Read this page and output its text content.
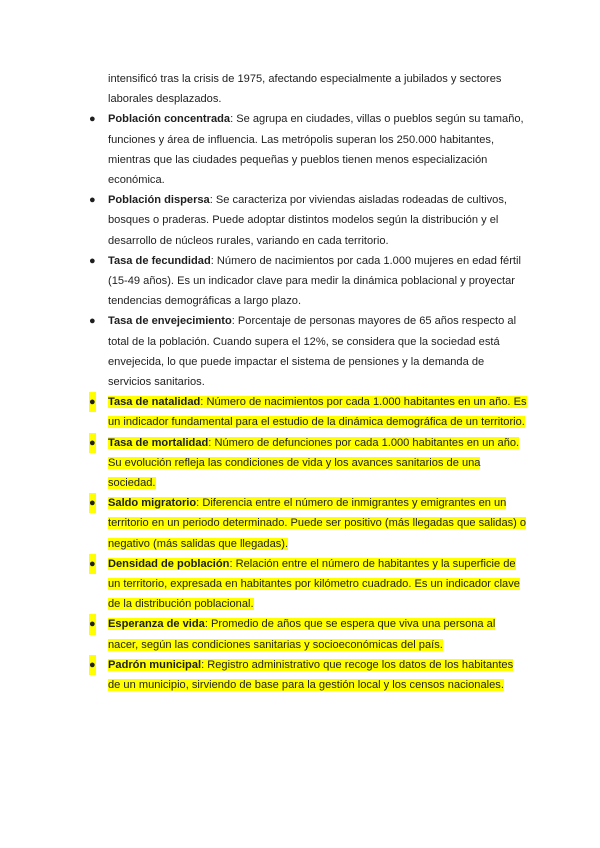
intensificó tras la crisis de 1975, afectando especialmente a jubilados y sectores laborales desplazados.

● Población concentrada: Se agrupa en ciudades, villas o pueblos según su tamaño, funciones y área de influencia. Las metrópolis superan los 250.000 habitantes, mientras que las ciudades pequeñas y pueblos tienen menos especialización económica.
● Población dispersa: Se caracteriza por viviendas aisladas rodeadas de cultivos, bosques o praderas. Puede adoptar distintos modelos según la distribución y el desarrollo de núcleos rurales, variando en cada territorio.
● Tasa de fecundidad: Número de nacimientos por cada 1.000 mujeres en edad fértil (15-49 años). Es un indicador clave para medir la dinámica poblacional y proyectar tendencias demográficas a largo plazo.
● Tasa de envejecimiento: Porcentaje de personas mayores de 65 años respecto al total de la población. Cuando supera el 12%, se considera que la sociedad está envejecida, lo que puede impactar el sistema de pensiones y la demanda de servicios sanitarios.
● Tasa de natalidad: Número de nacimientos por cada 1.000 habitantes en un año. Es un indicador fundamental para el estudio de la dinámica demográfica de un territorio.
● Tasa de mortalidad: Número de defunciones por cada 1.000 habitantes en un año. Su evolución refleja las condiciones de vida y los avances sanitarios de una sociedad.
● Saldo migratorio: Diferencia entre el número de inmigrantes y emigrantes en un territorio en un periodo determinado. Puede ser positivo (más llegadas que salidas) o negativo (más salidas que llegadas).
● Densidad de población: Relación entre el número de habitantes y la superficie de un territorio, expresada en habitantes por kilómetro cuadrado. Es un indicador clave de la distribución poblacional.
● Esperanza de vida: Promedio de años que se espera que viva una persona al nacer, según las condiciones sanitarias y socioeconómicas del país.
● Padrón municipal: Registro administrativo que recoge los datos de los habitantes de un municipio, sirviendo de base para la gestión local y los censos nacionales.
